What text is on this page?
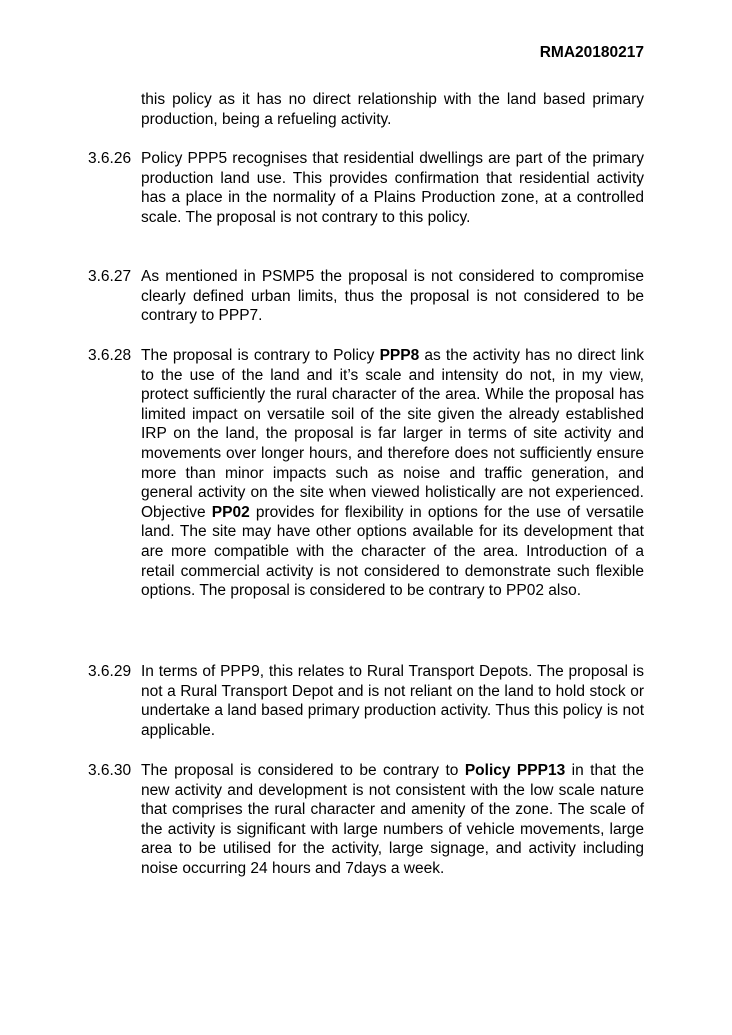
RMA20180217
this policy as it has no direct relationship with the land based primary production, being a refueling activity.
3.6.26 Policy PPP5 recognises that residential dwellings are part of the primary production land use. This provides confirmation that residential activity has a place in the normality of a Plains Production zone, at a controlled scale. The proposal is not contrary to this policy.
3.6.27 As mentioned in PSMP5 the proposal is not considered to compromise clearly defined urban limits, thus the proposal is not considered to be contrary to PPP7.
3.6.28 The proposal is contrary to Policy PPP8 as the activity has no direct link to the use of the land and it’s scale and intensity do not, in my view, protect sufficiently the rural character of the area. While the proposal has limited impact on versatile soil of the site given the already established IRP on the land, the proposal is far larger in terms of site activity and movements over longer hours, and therefore does not sufficiently ensure more than minor impacts such as noise and traffic generation, and general activity on the site when viewed holistically are not experienced. Objective PP02 provides for flexibility in options for the use of versatile land. The site may have other options available for its development that are more compatible with the character of the area. Introduction of a retail commercial activity is not considered to demonstrate such flexible options. The proposal is considered to be contrary to PP02 also.
3.6.29 In terms of PPP9, this relates to Rural Transport Depots. The proposal is not a Rural Transport Depot and is not reliant on the land to hold stock or undertake a land based primary production activity. Thus this policy is not applicable.
3.6.30 The proposal is considered to be contrary to Policy PPP13 in that the new activity and development is not consistent with the low scale nature that comprises the rural character and amenity of the zone. The scale of the activity is significant with large numbers of vehicle movements, large area to be utilised for the activity, large signage, and activity including noise occurring 24 hours and 7days a week.
